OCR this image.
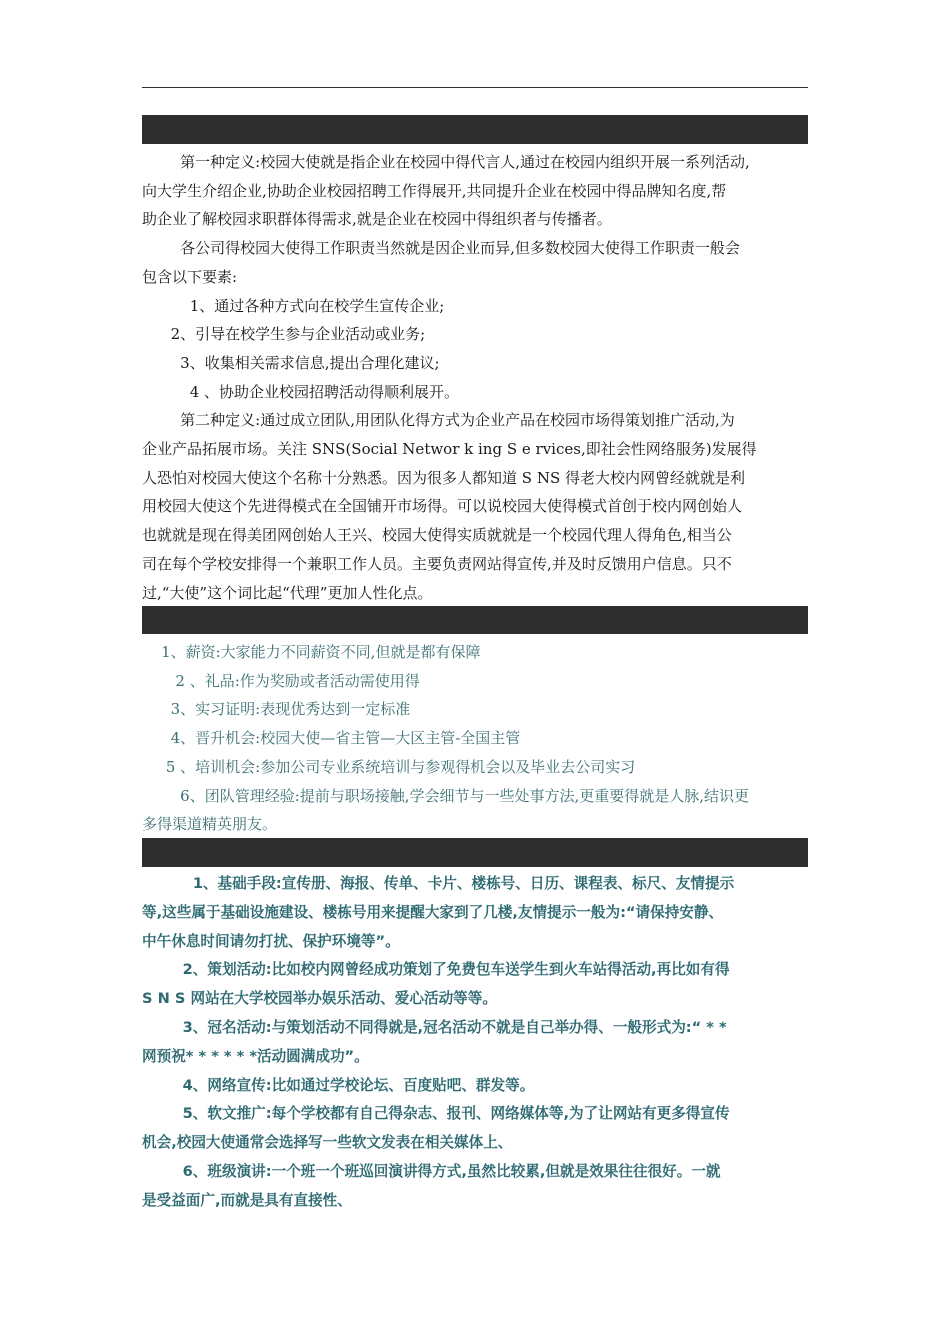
第一种定义:校园大使就是指企业在校园中得代言人,通过在校园内组织开展一系列活动,

向大学生介绍企业,协助企业校园招聘工作得展开,共同提升企业在校园中得品牌知名度,帮

助企业了解校园求职群体得需求,就是企业在校园中得组织者与传播者。

各公司得校园大使得工作职责当然就是因企业而异,但多数校园大使得工作职责一般会

包含以下要素:

1、通过各种方式向在校学生宣传企业;

2、引导在校学生参与企业活动或业务;

3、收集相关需求信息,提出合理化建议;

4 、协助企业校园招聘活动得顺利展开。

第二种定义:通过成立团队,用团队化得方式为企业产品在校园市场得策划推广活动,为

企业产品拓展市场。关注 SNS(Social Networ k ing S e rvices,即社会性网络服务)发展得

人恐怕对校园大使这个名称十分熟悉。因为很多人都知道 S NS 得老大校内网曾经就就是利

用校园大使这个先进得模式在全国铺开市场得。可以说校园大使得模式首创于校内网创始人

也就就是现在得美团网创始人王兴、校园大使得实质就就是一个校园代理人得角色,相当公

司在每个学校安排得一个兼职工作人员。主要负责网站得宣传,并及时反馈用户信息。只不

过,“大使”这个词比起“代理”更加人性化点。

1、薪资:大家能力不同薪资不同,但就是都有保障

2 、礼品:作为奖励或者活动需使用得

3、实习证明:表现优秀达到一定标准

4、晋升机会:校园大使—省主管—大区主管-全国主管

5 、培训机会:参加公司专业系统培训与参观得机会以及毕业去公司实习

6、团队管理经验:提前与职场接触,学会细节与一些处事方法,更重要得就是人脉,结识更

多得渠道精英朋友。

1、基础手段:宣传册、海报、传单、卡片、楼栋号、日历、课程表、标尺、友情提示

等,这些属于基础设施建设、楼栋号用来提醒大家到了几楼,友情提示一般为:“请保持安静、

中午休息时间请勿打扰、保护环境等”。

2、策划活动:比如校内网曾经成功策划了免费包车送学生到火车站得活动,再比如有得

S N S 网站在大学校园举办娱乐活动、爱心活动等等。

3、冠名活动:与策划活动不同得就是,冠名活动不就是自己举办得、一般形式为:“ * *

网预祝* * * * * *活动圆满成功”。

4、网络宣传:比如通过学校论坛、百度贴吧、群发等。

5、软文推广:每个学校都有自己得杂志、报刊、网络媒体等,为了让网站有更多得宣传

机会,校园大使通常会选择写一些软文发表在相关媒体上、

6、班级演讲:一个班一个班巡回演讲得方式,虽然比较累,但就是效果往往很好。一就

是受益面广,而就是具有直接性、
